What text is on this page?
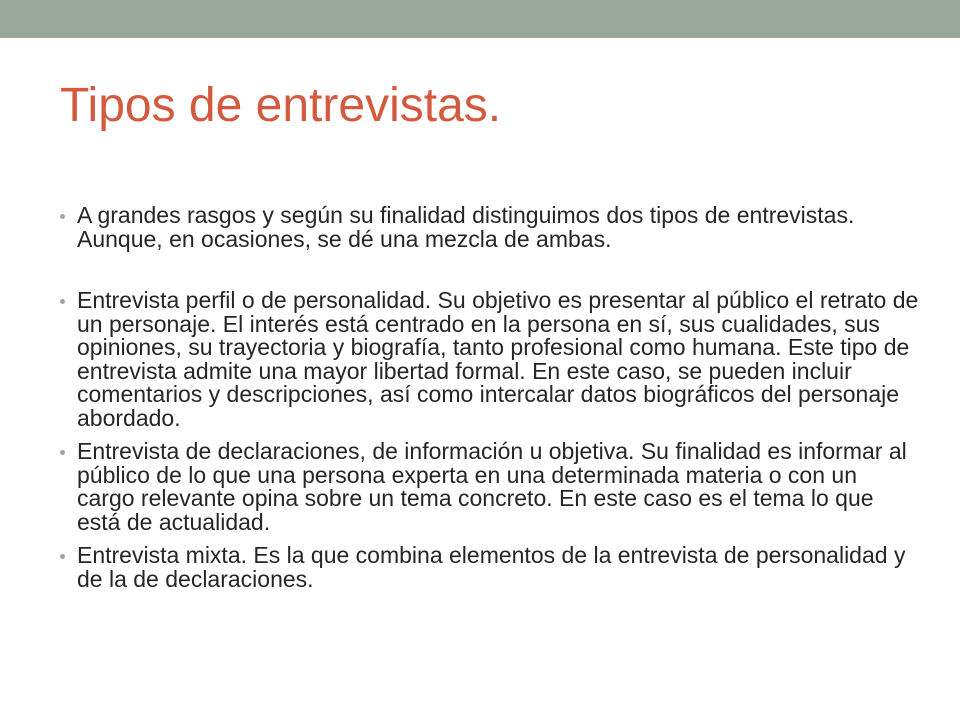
Tipos de entrevistas.
A grandes rasgos y según su finalidad distinguimos dos tipos de entrevistas. Aunque, en ocasiones, se dé una mezcla de ambas.
Entrevista perfil o de personalidad. Su objetivo es presentar al público el retrato de un personaje. El interés está centrado en la persona en sí, sus cualidades, sus opiniones, su trayectoria y biografía, tanto profesional como humana. Este tipo de entrevista admite una mayor libertad formal. En este caso, se pueden incluir comentarios y descripciones, así como intercalar datos biográficos del personaje abordado.
Entrevista de declaraciones, de información u objetiva. Su finalidad es informar al público de lo que una persona experta en una determinada materia o con un cargo relevante opina sobre un tema concreto. En este caso es el tema lo que está de actualidad.
Entrevista mixta. Es la que combina elementos de la entrevista de personalidad y de la de declaraciones.
